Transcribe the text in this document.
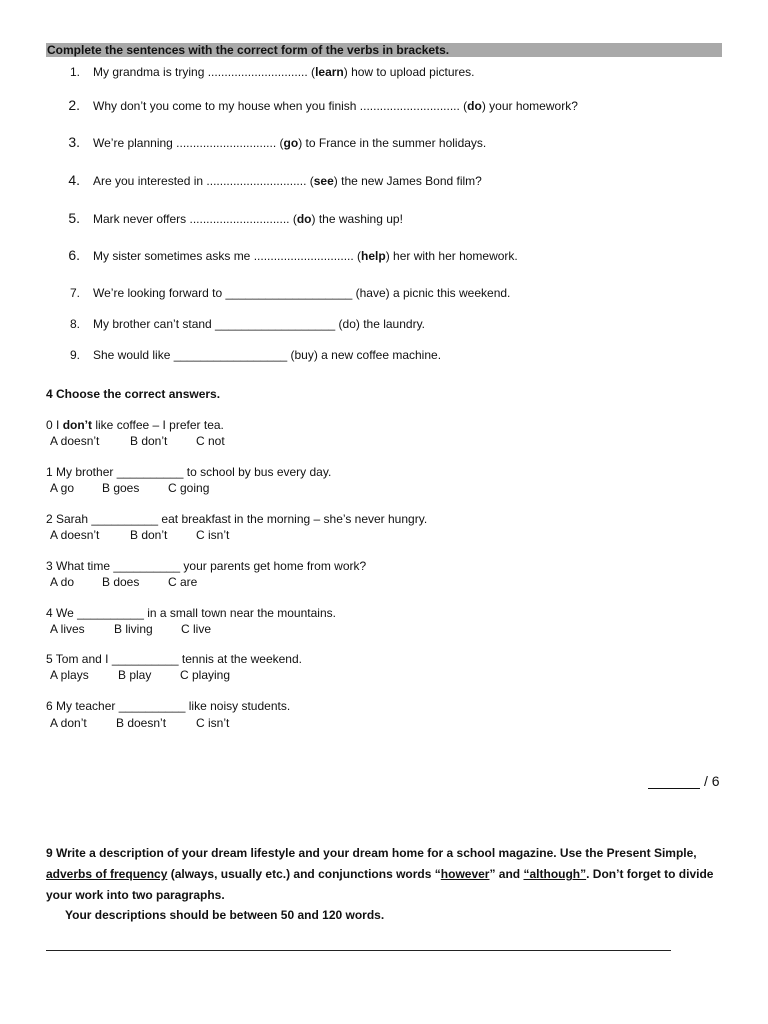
Complete the sentences with the correct form of the verbs in brackets.
1. My grandma is trying .............................. (learn) how to upload pictures.
2. Why don’t you come to my house when you finish .............................. (do) your homework?
3. We’re planning .............................. (go) to France in the summer holidays.
4. Are you interested in .............................. (see) the new James Bond film?
5. Mark never offers .............................. (do) the washing up!
6. My sister sometimes asks me .............................. (help) her with her homework.
7. We’re looking forward to ___________________ (have) a picnic this weekend.
8. My brother can’t stand __________________ (do) the laundry.
9. She would like _________________ (buy) a new coffee machine.
4 Choose the correct answers.
0 I don’t like coffee – I prefer tea.
A doesn’t	B don’t C not
1 My brother __________ to school by bus every day.
A go B goes C going
2 Sarah __________ eat breakfast in the morning – she’s never hungry.
A doesn’t	B don’t C isn’t
3 What time __________ your parents get home from work?
A do B does C are
4 We __________ in a small town near the mountains.
A lives B living C live
5 Tom and I __________ tennis at the weekend.
A plays B play C playing
6 My teacher __________ like noisy students.
A don’t B doesn’t C isn’t
/ 6
9 Write a description of your dream lifestyle and your dream home for a school magazine. Use the Present Simple, adverbs of frequency (always, usually etc.) and conjunctions words “however” and “although”. Don’t forget to divide your work into two paragraphs.
Your descriptions should be between 50 and 120 words.
